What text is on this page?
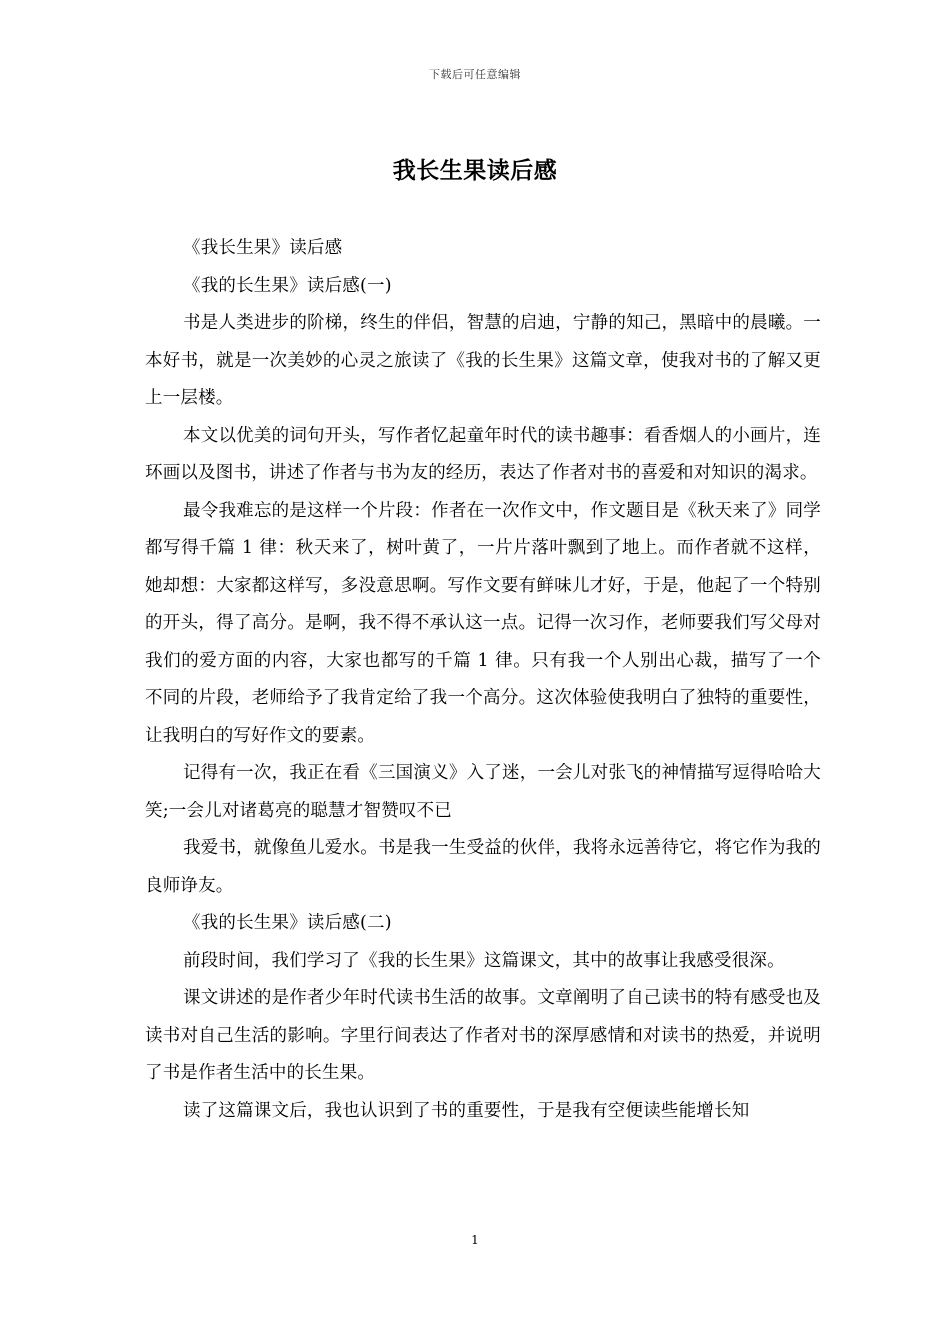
下载后可任意编辑
我长生果读后感

《我长生果》读后感

《我的长生果》读后感(一)

书是人类进步的阶梯，终生的伴侣，智慧的启迪，宁静的知己，黑暗中的晨曦。一本好书，就是一次美妙的心灵之旅读了《我的长生果》这篇文章，使我对书的了解又更上一层楼。

本文以优美的词句开头，写作者忆起童年时代的读书趣事：看香烟人的小画片，连环画以及图书，讲述了作者与书为友的经历，表达了作者对书的喜爱和对知识的渴求。

最令我难忘的是这样一个片段：作者在一次作文中，作文题目是《秋天来了》同学都写得千篇 1 律：秋天来了，树叶黄了，一片片落叶飘到了地上。而作者就不这样，她却想：大家都这样写，多没意思啊。写作文要有鲜味儿才好，于是，他起了一个特别的开头，得了高分。是啊，我不得不承认这一点。记得一次习作，老师要我们写父母对我们的爱方面的内容，大家也都写的千篇 1 律。只有我一个人别出心裁，描写了一个不同的片段，老师给予了我肯定给了我一个高分。这次体验使我明白了独特的重要性，让我明白的写好作文的要素。

记得有一次，我正在看《三国演义》入了迷，一会儿对张飞的神情描写逗得哈哈大笑;一会儿对诸葛亮的聪慧才智赞叹不已

我爱书，就像鱼儿爱水。书是我一生受益的伙伴，我将永远善待它，将它作为我的良师诤友。

《我的长生果》读后感(二)

前段时间，我们学习了《我的长生果》这篇课文，其中的故事让我感受很深。

课文讲述的是作者少年时代读书生活的故事。文章阐明了自己读书的特有感受也及读书对自己生活的影响。字里行间表达了作者对书的深厚感情和对读书的热爱，并说明了书是作者生活中的长生果。

读了这篇课文后，我也认识到了书的重要性，于是我有空便读些能增长知

1
